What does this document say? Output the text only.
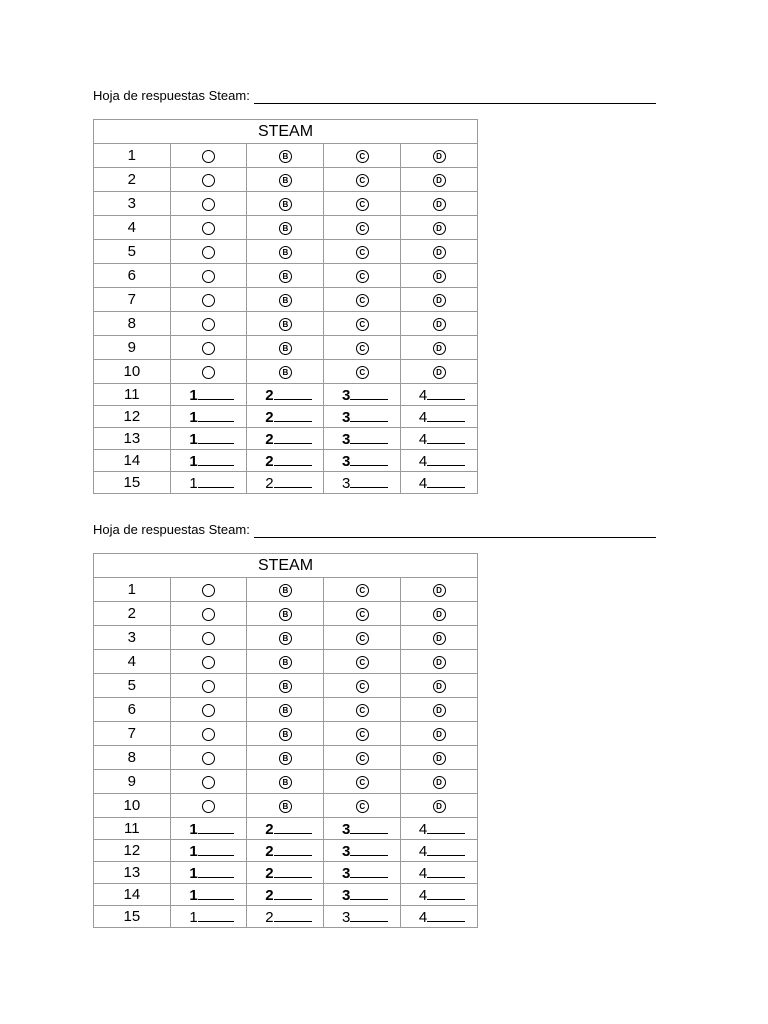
Hoja de respuestas Steam:
STEAM				
1		B	C	D
2		B	C	D
3		B	C	D
4		B	C	D
5		B	C	D
6		B	C	D
7		B	C	D
8		B	C	D
9		B	C	D
10		B	C	D
11	1	2	3	4
12	1	2	3	4
13	1	2	3	4
14	1	2	3	4
15	1	2	3	4
Hoja de respuestas Steam:
STEAM				
1		B	C	D
2		B	C	D
3		B	C	D
4		B	C	D
5		B	C	D
6		B	C	D
7		B	C	D
8		B	C	D
9		B	C	D
10		B	C	D
11	1	2	3	4
12	1	2	3	4
13	1	2	3	4
14	1	2	3	4
15	1	2	3	4
